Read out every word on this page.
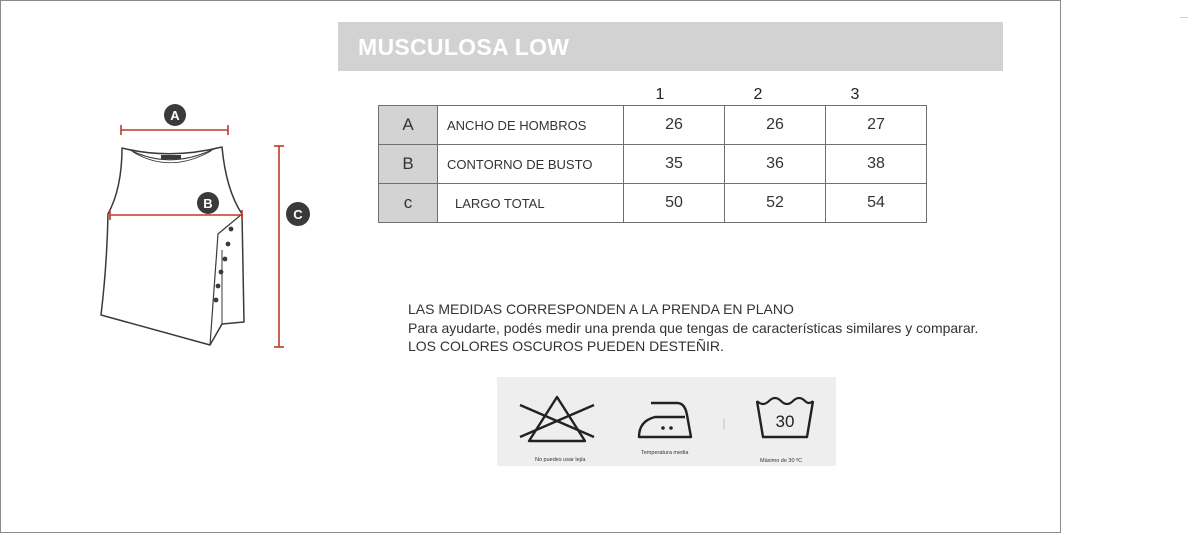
MUSCULOSA LOW
A
B
C
1	2	3
A	ANCHO DE HOMBROS	26	26	27
B	CONTORNO DE BUSTO	35	36	38
c	LARGO TOTAL	50	52	54
LAS MEDIDAS CORRESPONDEN A LA PRENDA EN PLANO
Para ayudarte, podés medir una prenda que tengas de características similares y comparar.
LOS COLORES OSCUROS PUEDEN DESTEÑIR.
No puedes usar lejía
Temperatura media
30
Máximo de 30 ºC
